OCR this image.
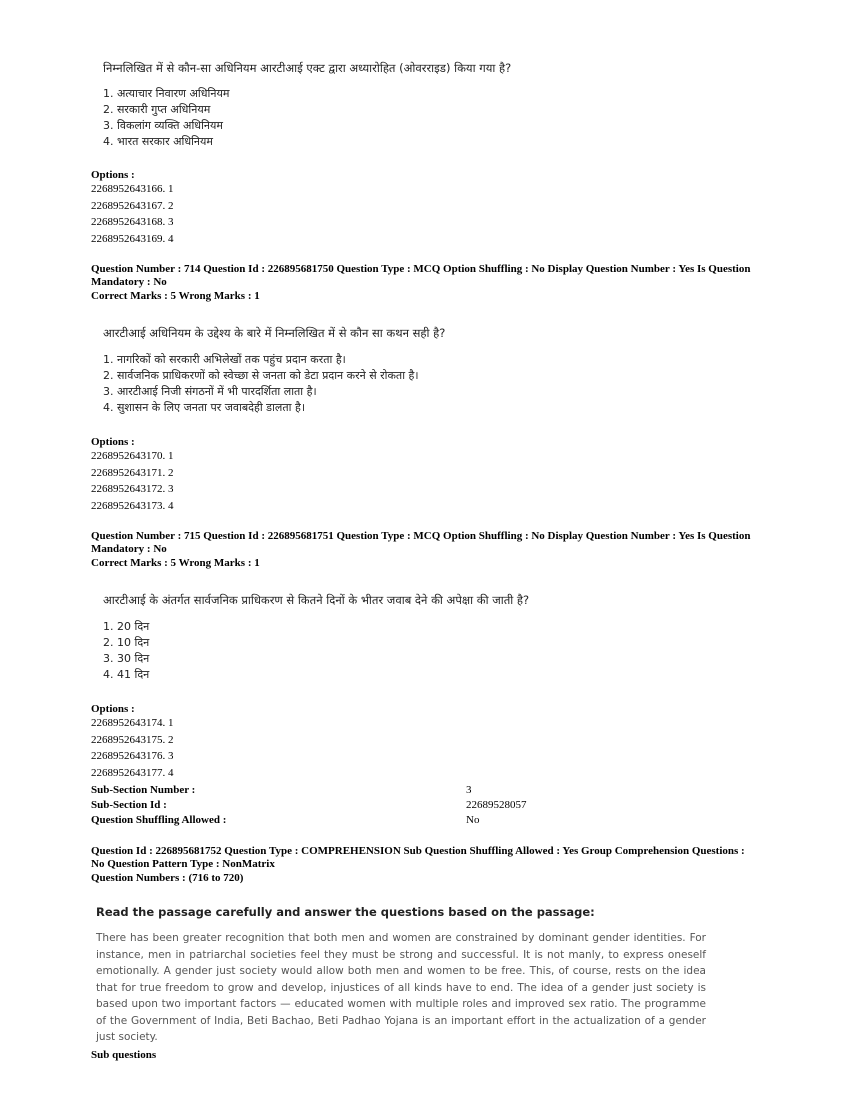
निम्नलिखित में से कौन-सा अधिनियम आरटीआई एक्ट द्वारा अध्यारोहित (ओवरराइड) किया गया है?
1. अत्याचार निवारण अधिनियम
2. सरकारी गुप्त अधिनियम
3. विकलांग व्यक्ति अधिनियम
4. भारत सरकार अधिनियम
Options :
2268952643166. 1
2268952643167. 2
2268952643168. 3
2268952643169. 4
Question Number : 714 Question Id : 226895681750 Question Type : MCQ Option Shuffling : No Display Question Number : Yes Is Question Mandatory : No
Correct Marks : 5 Wrong Marks : 1
आरटीआई अधिनियम के उद्देश्य के बारे में निम्नलिखित में से कौन सा कथन सही है?
1. नागरिकों को सरकारी अभिलेखों तक पहुंच प्रदान करता है।
2. सार्वजनिक प्राधिकरणों को स्वेच्छा से जनता को डेटा प्रदान करने से रोकता है।
3. आरटीआई निजी संगठनों में भी पारदर्शिता लाता है।
4. सुशासन के लिए जनता पर जवाबदेही डालता है।
Options :
2268952643170. 1
2268952643171. 2
2268952643172. 3
2268952643173. 4
Question Number : 715 Question Id : 226895681751 Question Type : MCQ Option Shuffling : No Display Question Number : Yes Is Question Mandatory : No
Correct Marks : 5 Wrong Marks : 1
आरटीआई के अंतर्गत सार्वजनिक प्राधिकरण से कितने दिनों के भीतर जवाब देने की अपेक्षा की जाती है?
1. 20 दिन
2. 10 दिन
3. 30 दिन
4. 41 दिन
Options :
2268952643174. 1
2268952643175. 2
2268952643176. 3
2268952643177. 4
Sub-Section Number :	3
Sub-Section Id :	22689528057
Question Shuffling Allowed :	No
Question Id : 226895681752 Question Type : COMPREHENSION Sub Question Shuffling Allowed : Yes Group Comprehension Questions : No Question Pattern Type : NonMatrix
Question Numbers : (716 to 720)
Read the passage carefully and answer the questions based on the passage:
There has been greater recognition that both men and women are constrained by dominant gender identities. For instance, men in patriarchal societies feel they must be strong and successful. It is not manly, to express oneself emotionally. A gender just society would allow both men and women to be free. This, of course, rests on the idea that for true freedom to grow and develop, injustices of all kinds have to end. The idea of a gender just society is based upon two important factors — educated women with multiple roles and improved sex ratio. The programme of the Government of India, Beti Bachao, Beti Padhao Yojana is an important effort in the actualization of a gender just society.
Sub questions
